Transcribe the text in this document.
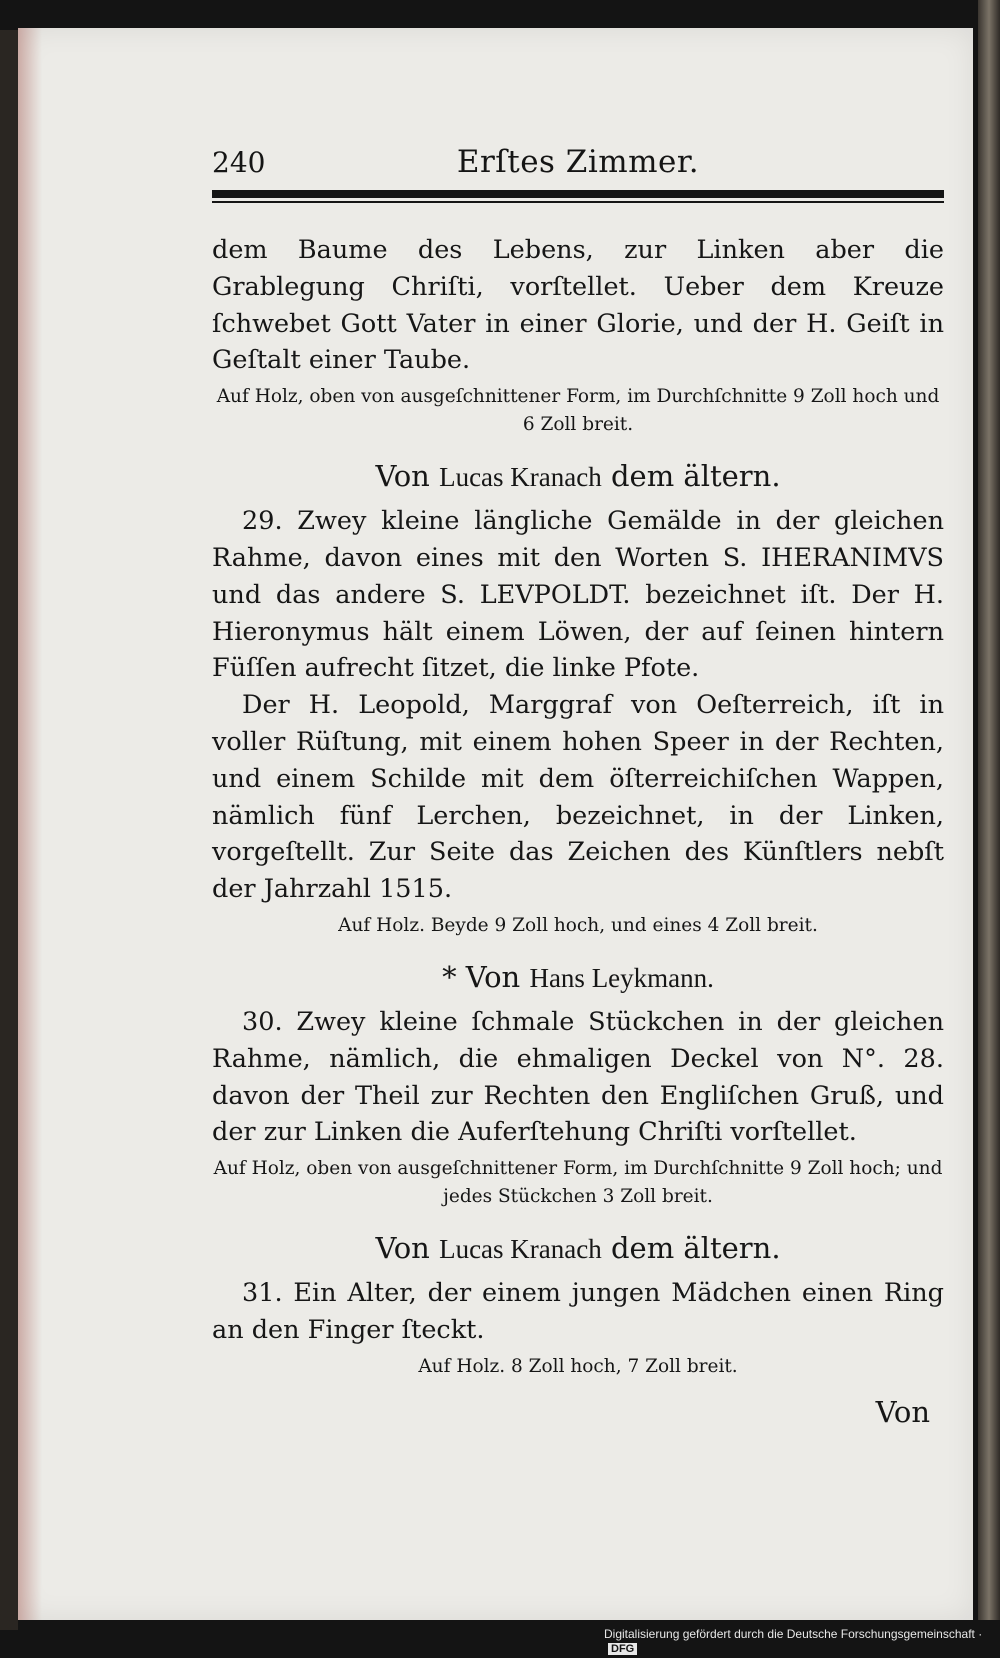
240	Erſtes Zimmer.

dem Baume des Lebens, zur Linken aber die Grablegung Chriſti, vorſtellet. Ueber dem Kreuze ſchwebet Gott Vater in einer Glorie, und der H. Geiſt in Geſtalt einer Taube.

Auf Holz, oben von ausgeſchnittener Form, im Durchſchnitte 9 Zoll hoch und 6 Zoll breit.

Von Lucas Kranach dem ältern.

29. Zwey kleine längliche Gemälde in der gleichen Rahme, davon eines mit den Worten S. IHERANIMVS und das andere S. LEVPOLDT. bezeichnet iſt. Der H. Hieronymus hält einem Löwen, der auf ſeinen hintern Füſſen aufrecht ſitzet, die linke Pfote.

Der H. Leopold, Marggraf von Oeſterreich, iſt in voller Rüſtung, mit einem hohen Speer in der Rechten, und einem Schilde mit dem öſterreichiſchen Wappen, nämlich fünf Lerchen, bezeichnet, in der Linken, vorgeſtellt. Zur Seite das Zeichen des Künſtlers nebſt der Jahrzahl 1515.

Auf Holz. Beyde 9 Zoll hoch, und eines 4 Zoll breit.

* Von Hans Leykmann.

30. Zwey kleine ſchmale Stückchen in der gleichen Rahme, nämlich, die ehmaligen Deckel von N°. 28. davon der Theil zur Rechten den Engliſchen Gruß, und der zur Linken die Auferſtehung Chriſti vorſtellet.

Auf Holz, oben von ausgeſchnittener Form, im Durchſchnitte 9 Zoll hoch; und jedes Stückchen 3 Zoll breit.

Von Lucas Kranach dem ältern.

31. Ein Alter, der einem jungen Mädchen einen Ring an den Finger ſteckt.

Auf Holz. 8 Zoll hoch, 7 Zoll breit.

Von
Digitalisierung gefördert durch die Deutsche Forschungsgemeinschaft ·DFG
